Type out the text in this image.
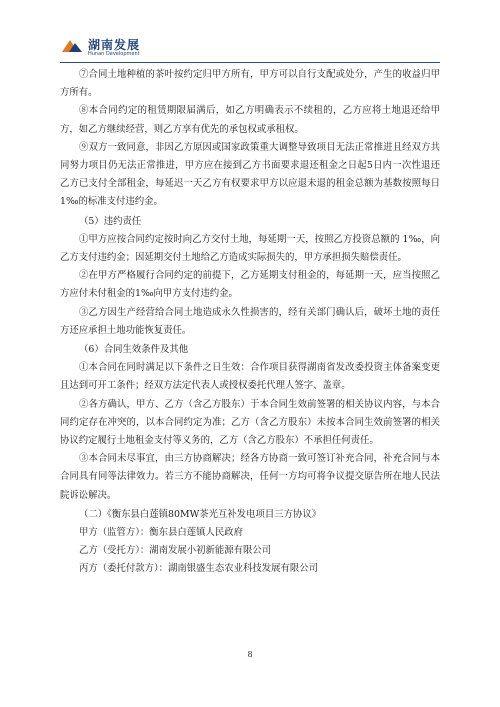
湖南发展
Hunan Development

⑦合同土地种植的茶叶按约定归甲方所有，甲方可以自行支配或处分，产生的收益归甲方所有。

⑧本合同约定的租赁期限届满后，如乙方明确表示不续租的，乙方应将土地退还给甲方，如乙方继续经营，则乙方享有优先的承包权或承租权。

⑨双方一致同意，非因乙方原因或国家政策重大调整导致项目无法正常推进且经双方共同努力项目仍无法正常推进，甲方应在接到乙方书面要求退还租金之日起5日内一次性退还乙方已支付全部租金，每延迟一天乙方有权要求甲方以应退未退的租金总额为基数按照每日1‰的标准支付违约金。

（5）违约责任

①甲方应按合同约定按时向乙方交付土地，每延期一天，按照乙方投资总额的 1‰，向乙方支付违约金；因延期交付土地给乙方造成实际损失的，甲方承担损失赔偿责任。

②在甲方严格履行合同约定的前提下，乙方延期支付租金的，每延期一天，应当按照乙方应付未付租金的1‰向甲方支付违约金。

③乙方因生产经营给合同土地造成永久性损害的，经有关部门确认后，破坏土地的责任方还应承担土地功能恢复责任。

（6）合同生效条件及其他

①本合同在同时满足以下条件之日生效：合作项目获得湖南省发改委投资主体备案变更且达到可开工条件；经双方法定代表人或授权委托代理人签字、盖章。

②各方确认，甲方、乙方（含乙方股东）于本合同生效前签署的相关协议内容，与本合同约定存在冲突的，以本合同约定为准；乙方（含乙方股东）未按本合同生效前签署的相关协议约定履行土地租金支付等义务的，乙方（含乙方股东）不承担任何责任。

③本合同未尽事宜，由三方协商解决；经各方协商一致可签订补充合同，补充合同与本合同具有同等法律效力。若三方不能协商解决，任何一方均可将争议提交原告所在地人民法院诉讼解决。

（二）《衡东县白莲镇80MW茶光互补发电项目三方协议》

甲方（监管方）：衡东县白莲镇人民政府

乙方（受托方）：湖南发展小初新能源有限公司

丙方（委托付款方）：湖南银盛生态农业科技发展有限公司

8
